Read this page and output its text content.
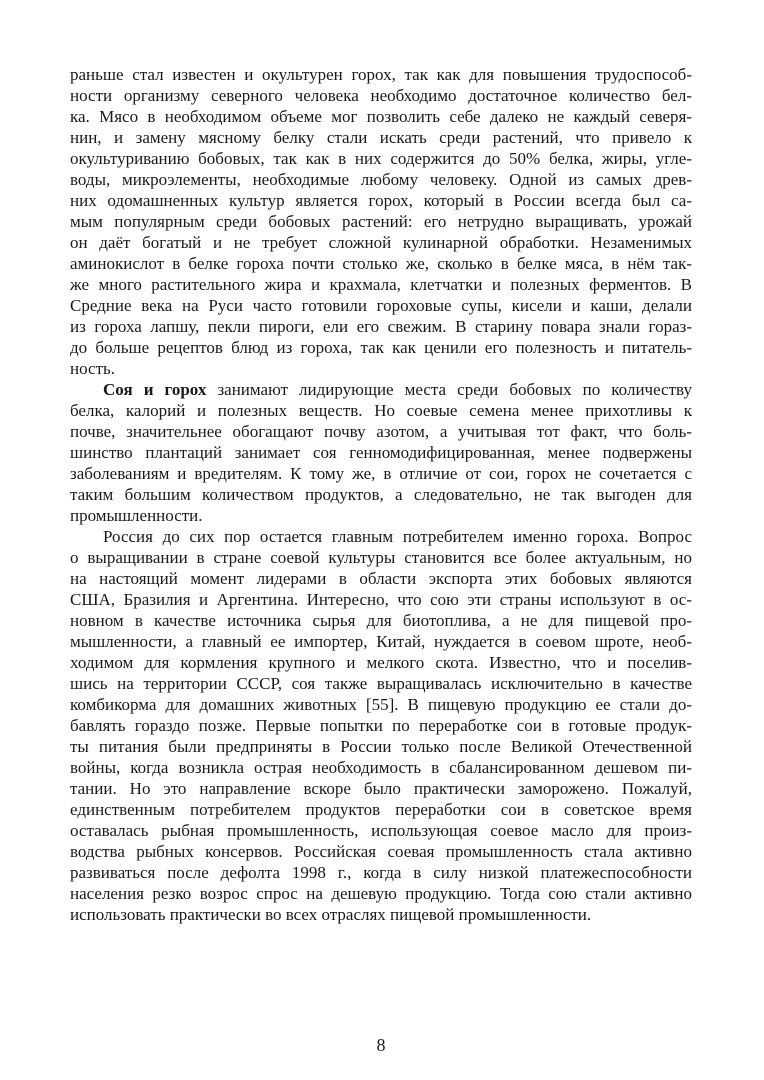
раньше стал известен и окультурен горох, так как для повышения трудоспособ-
ности организму северного человека необходимо достаточное количество бел-
ка. Мясо в необходимом объеме мог позволить себе далеко не каждый северя-
нин, и замену мясному белку стали искать среди растений, что привело к
окультуриванию бобовых, так как в них содержится до 50% белка, жиры, угле-
воды, микроэлементы, необходимые любому человеку. Одной из самых древ-
них одомашненных культур является горох, который в России всегда был са-
мым популярным среди бобовых растений: его нетрудно выращивать, урожай
он даёт богатый и не требует сложной кулинарной обработки. Незаменимых
аминокислот в белке гороха почти столько же, сколько в белке мяса, в нём так-
же много растительного жира и крахмала, клетчатки и полезных ферментов. В
Средние века на Руси часто готовили гороховые супы, кисели и каши, делали
из гороха лапшу, пекли пироги, ели его свежим. В старину повара знали гораз-
до больше рецептов блюд из гороха, так как ценили его полезность и питатель-
ность.
Соя и горох занимают лидирующие места среди бобовых по количеству
белка, калорий и полезных веществ. Но соевые семена менее прихотливы к
почве, значительнее обогащают почву азотом, а учитывая тот факт, что боль-
шинство плантаций занимает соя генномодифицированная, менее подвержены
заболеваниям и вредителям. К тому же, в отличие от сои, горох не сочетается с
таким большим количеством продуктов, а следовательно, не так выгоден для
промышленности.
Россия до сих пор остается главным потребителем именно гороха. Вопрос
о выращивании в стране соевой культуры становится все более актуальным, но
на настоящий момент лидерами в области экспорта этих бобовых являются
США, Бразилия и Аргентина. Интересно, что сою эти страны используют в ос-
новном в качестве источника сырья для биотоплива, а не для пищевой про-
мышленности, а главный ее импортер, Китай, нуждается в соевом шроте, необ-
ходимом для кормления крупного и мелкого скота. Известно, что и поселив-
шись на территории СССР, соя также выращивалась исключительно в качестве
комбикорма для домашних животных [55]. В пищевую продукцию ее стали до-
бавлять гораздо позже. Первые попытки по переработке сои в готовые продук-
ты питания были предприняты в России только после Великой Отечественной
войны, когда возникла острая необходимость в сбалансированном дешевом пи-
тании. Но это направление вскоре было практически заморожено. Пожалуй,
единственным потребителем продуктов переработки сои в советское время
оставалась рыбная промышленность, использующая соевое масло для произ-
водства рыбных консервов. Российская соевая промышленность стала активно
развиваться после дефолта 1998 г., когда в силу низкой платежеспособности
населения резко возрос спрос на дешевую продукцию. Тогда сою стали активно
использовать практически во всех отраслях пищевой промышленности.
8
